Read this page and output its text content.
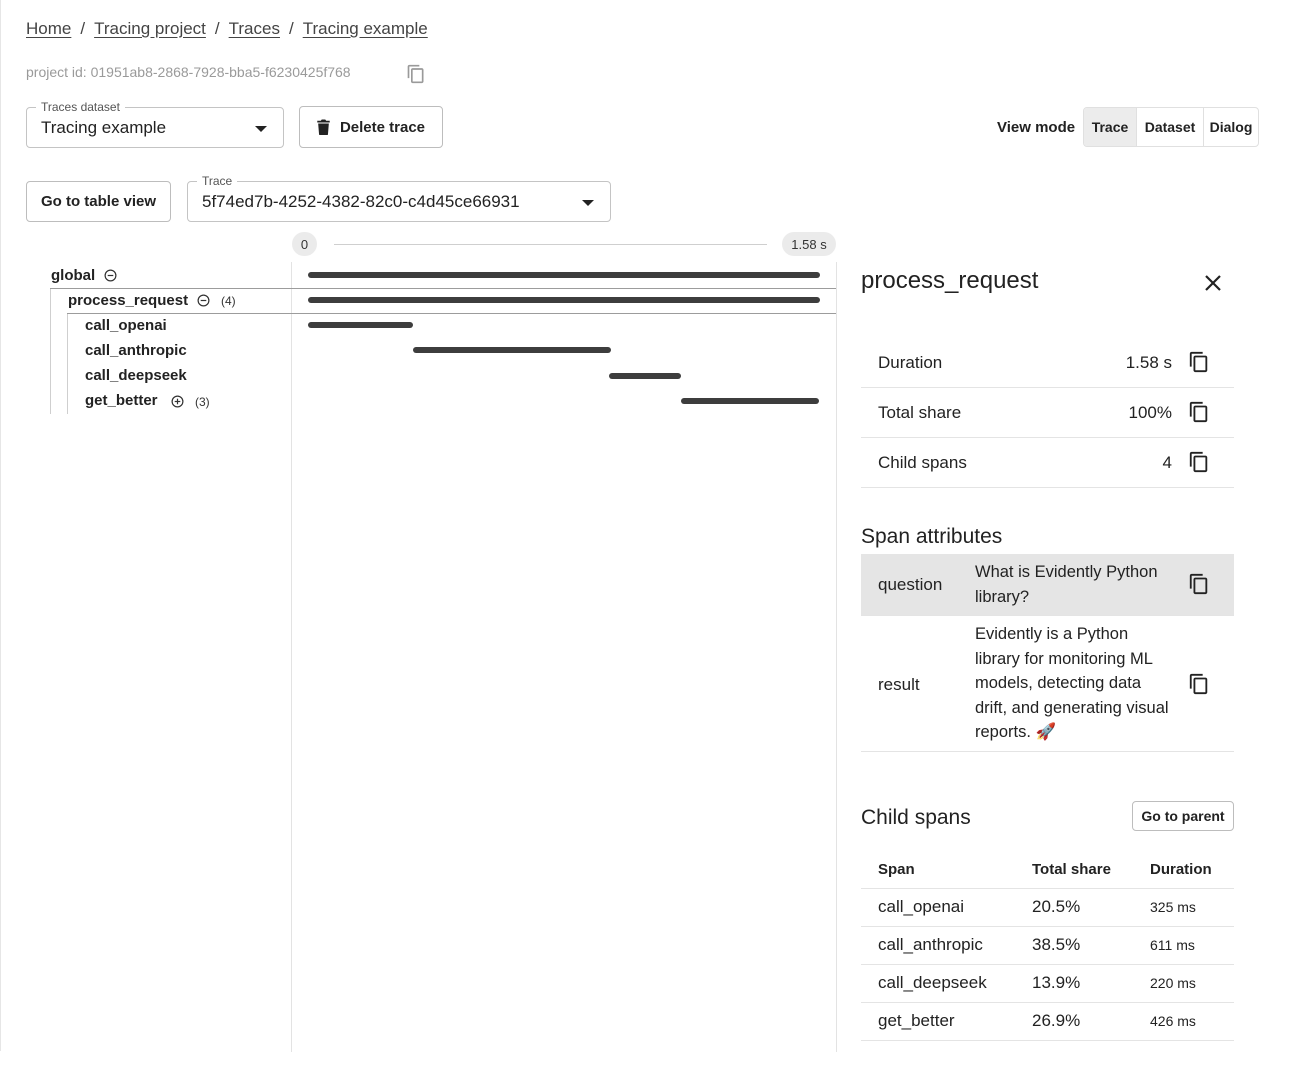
Home / Tracing project / Traces / Tracing example
project id: 01951ab8-2868-7928-bba5-f6230425f768
Traces dataset
Tracing example	Delete trace	View mode	Trace	Dataset	Dialog
Go to table view
Trace
5f74ed7b-4252-4382-82c0-c4d45ce66931
0	1.58 s
global
process_request	(4)
call_openai
call_anthropic
call_deepseek
get_better	(3)
process_request
Duration	1.58 s
Total share	100%
Child spans	4
Span attributes
question
What is Evidently Python library?
result
Evidently is a Python library for monitoring ML models, detecting data drift, and generating visual reports. 🚀
Child spans	Go to parent
Span	Total share	Duration
call_openai	20.5%	325 ms
call_anthropic	38.5%	611 ms
call_deepseek	13.9%	220 ms
get_better	26.9%	426 ms
